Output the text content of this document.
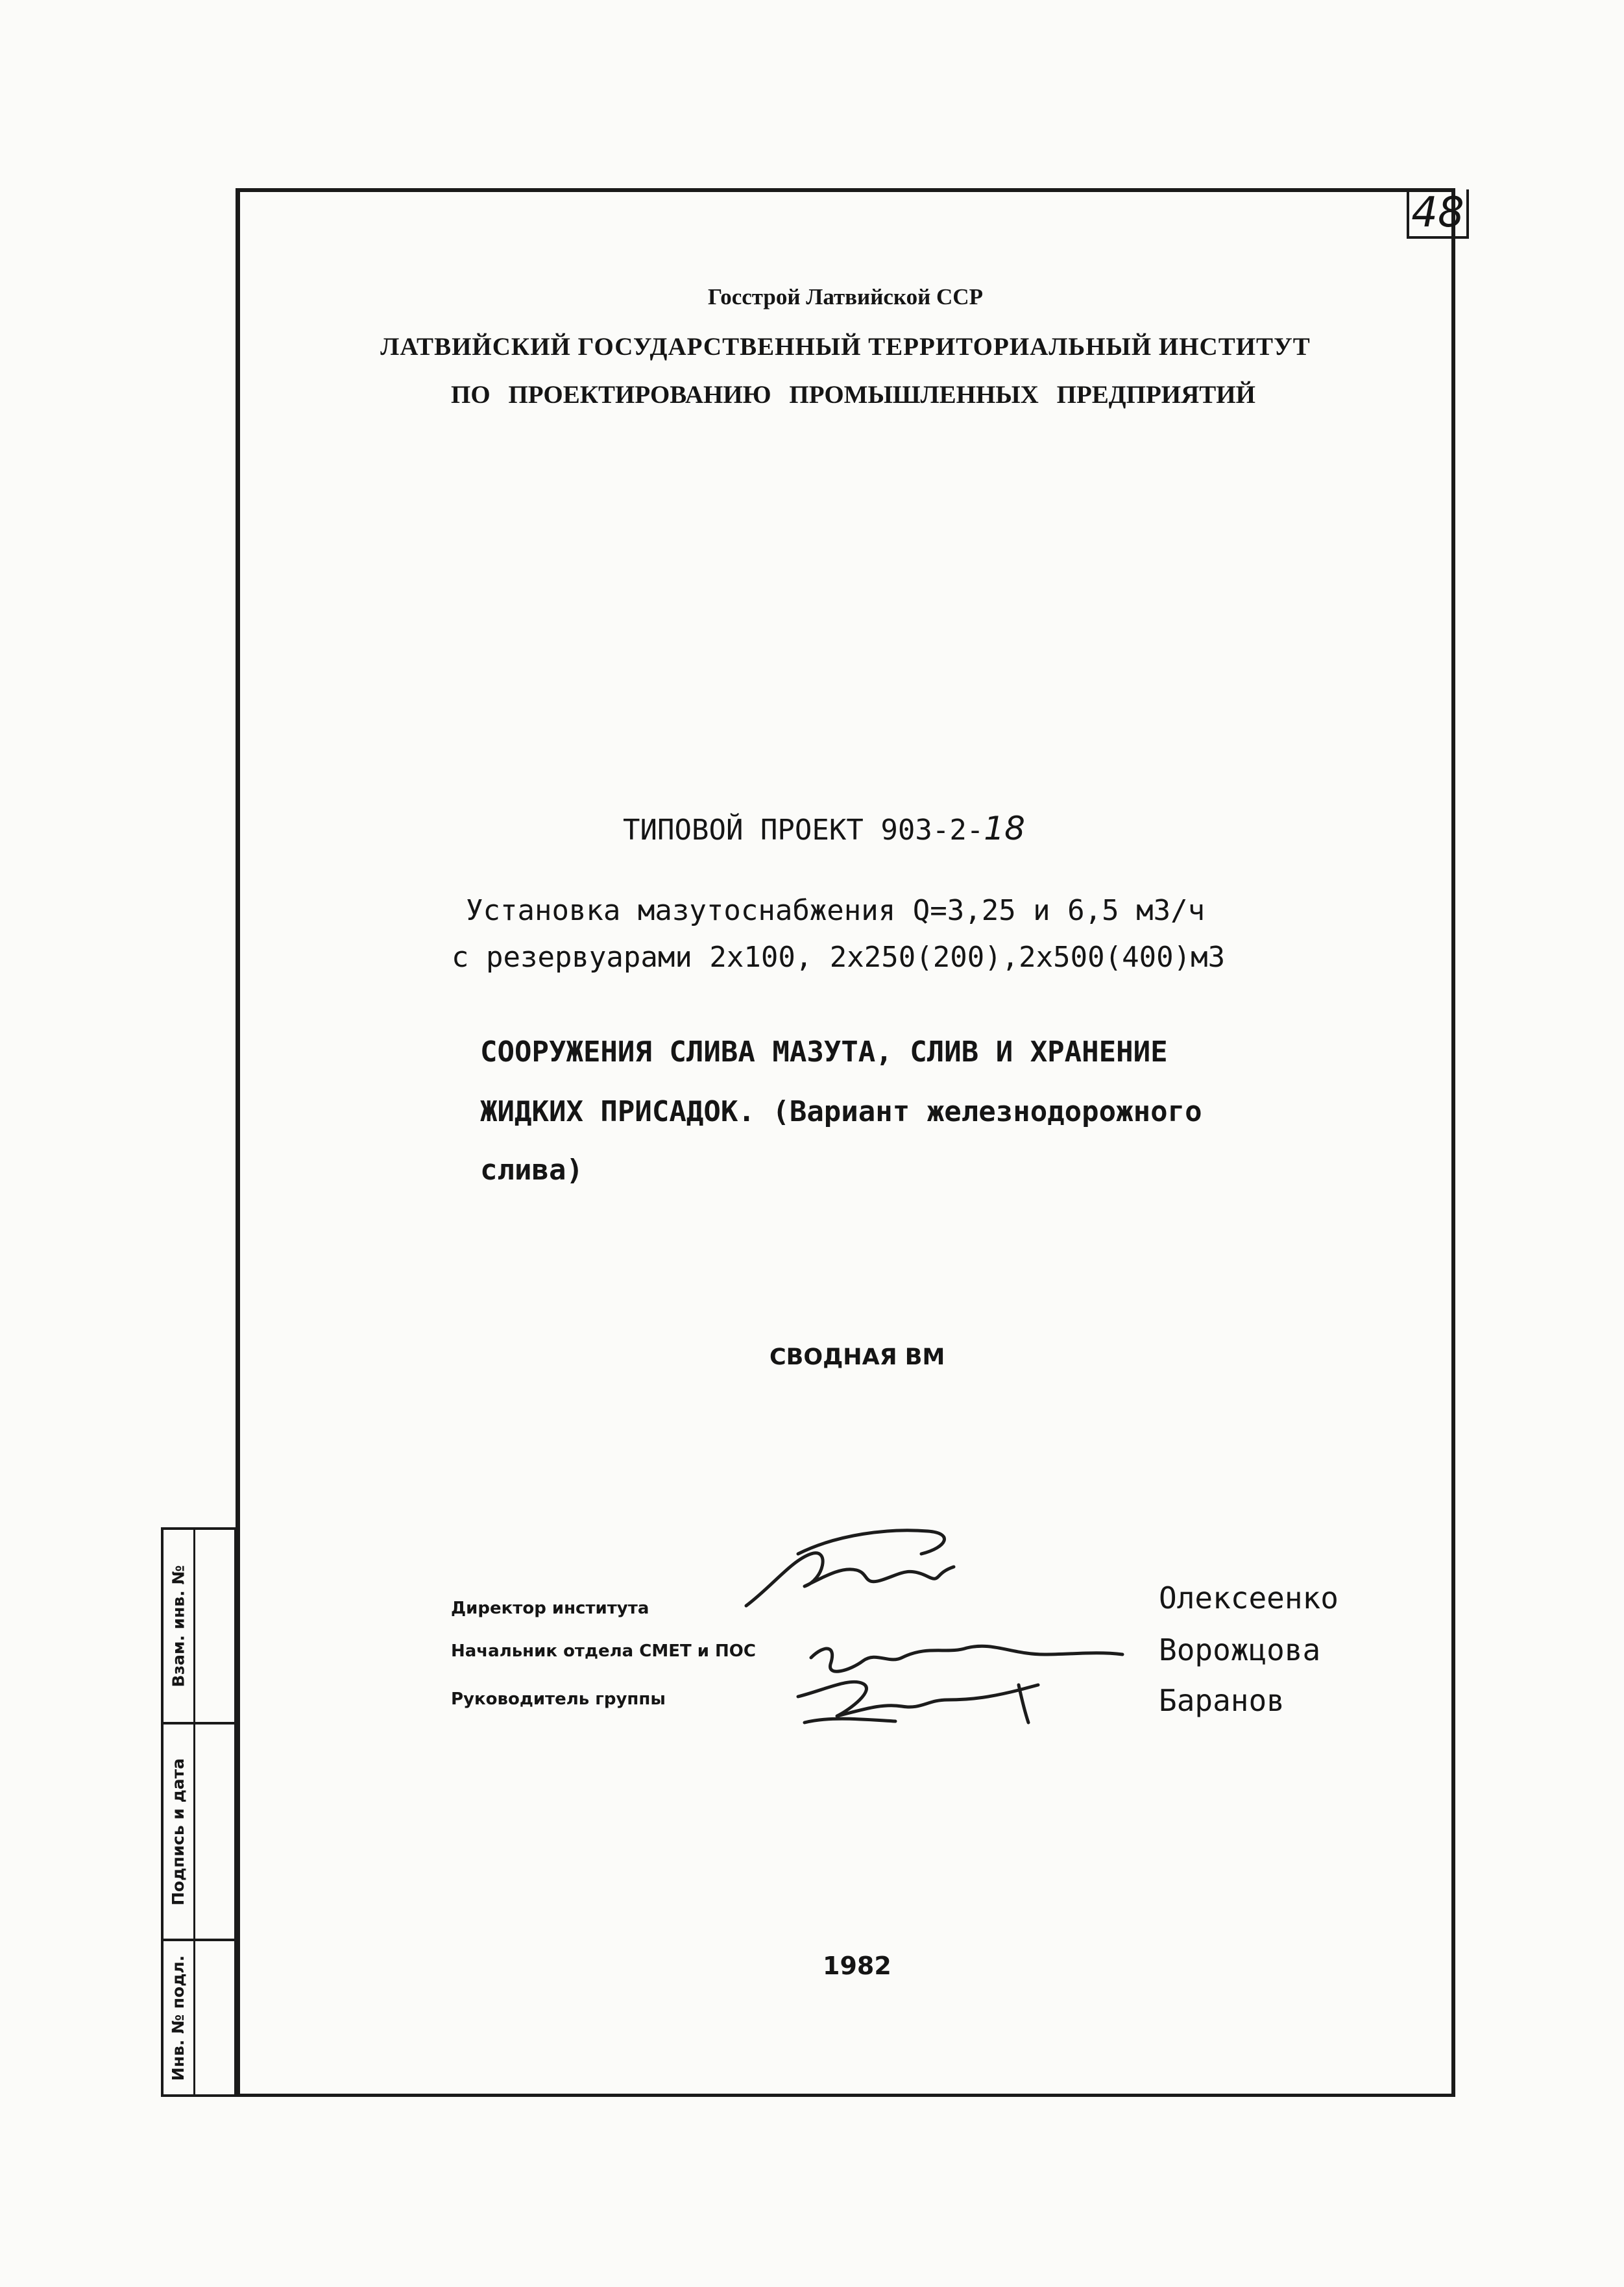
48
Госстрой Латвийской ССР
ЛАТВИЙСКИЙ ГОСУДАРСТВЕННЫЙ ТЕРРИТОРИАЛЬНЫЙ ИНСТИТУТ
ПО ПРОЕКТИРОВАНИЮ ПРОМЫШЛЕННЫХ ПРЕДПРИЯТИЙ
ТИПОВОЙ ПРОЕКТ 903-2-18
Установка мазутоснабжения Q=3,25 и 6,5 м3/ч
с резервуарами 2х100, 2х250(200),2х500(400)м3
СООРУЖЕНИЯ СЛИВА МАЗУТА, СЛИВ И ХРАНЕНИЕ
ЖИДКИХ ПРИСАДОК. (Вариант железнодорожного
слива)
СВОДНАЯ ВМ
Директор института
Начальник отдела СМЕТ и ПОС
Руководитель группы
Олексеенко
Ворожцова
Баранов
1982
Взам. инв. №
Подпись и дата
Инв. № подл.
